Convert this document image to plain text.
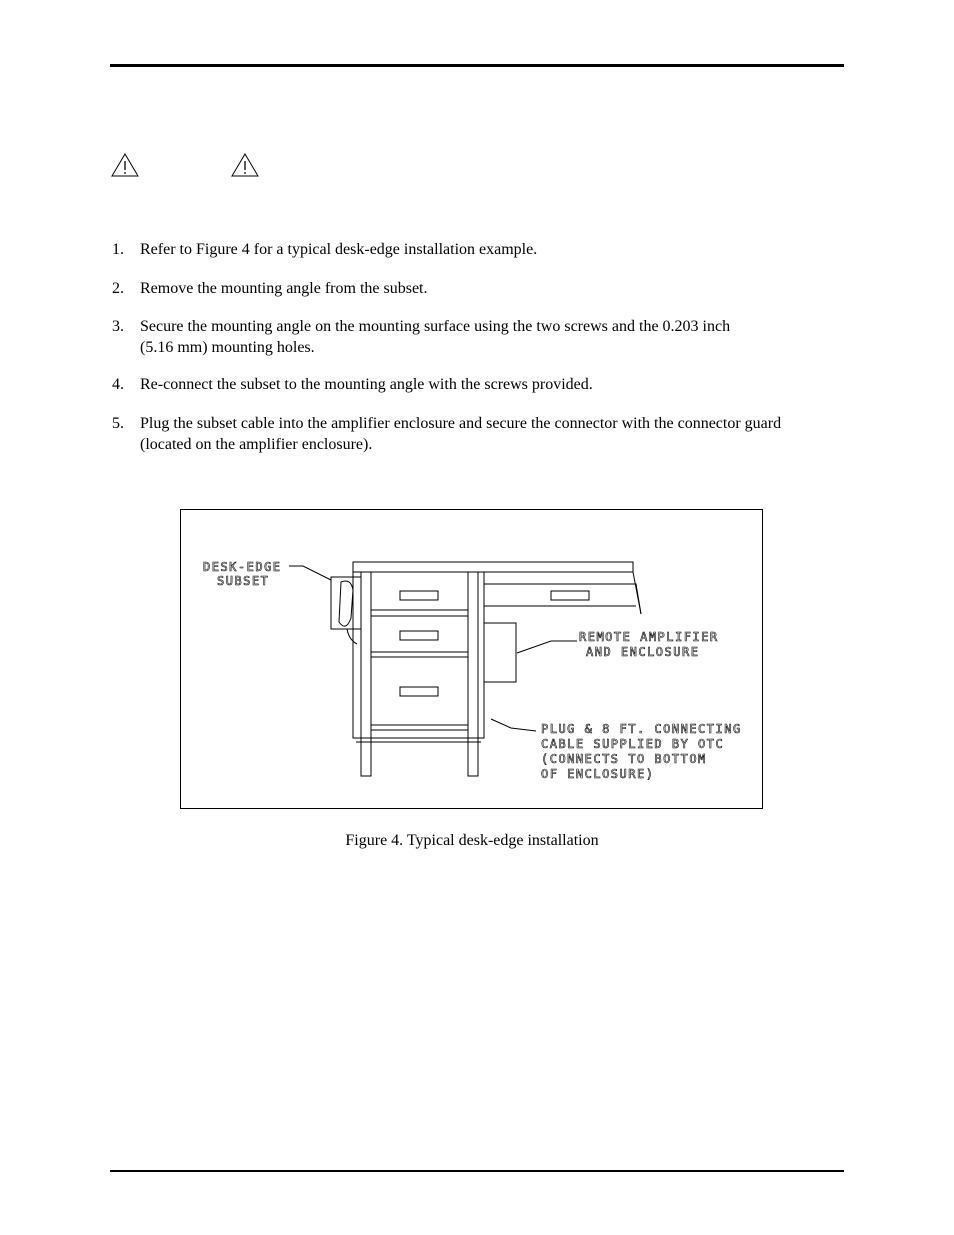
1. Refer to Figure 4 for a typical desk-edge installation example.
2. Remove the mounting angle from the subset.
3. Secure the mounting angle on the mounting surface using the two screws and the 0.203 inch
(5.16 mm) mounting holes.
4. Re-connect the subset to the mounting angle with the screws provided.
5. Plug the subset cable into the amplifier enclosure and secure the connector with the connector guard
(located on the amplifier enclosure).
DESK-EDGE
SUBSET
REMOTE AMPLIFIER
AND ENCLOSURE
PLUG & 8 FT. CONNECTING
CABLE SUPPLIED BY OTC
(CONNECTS TO BOTTOM
OF ENCLOSURE)
Figure 4. Typical desk-edge installation
